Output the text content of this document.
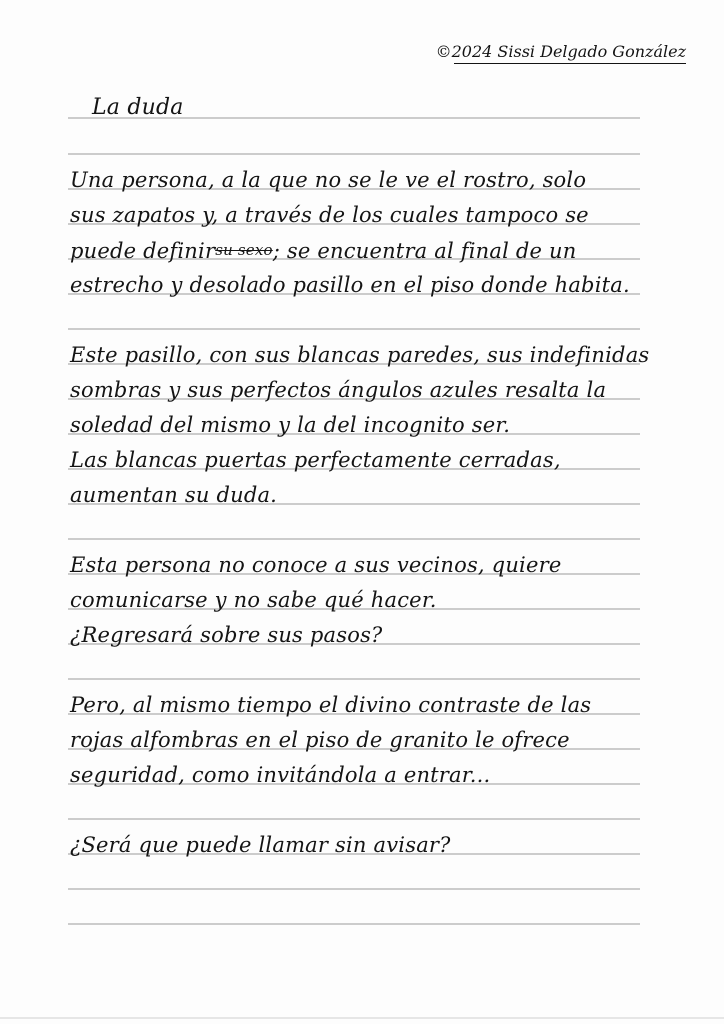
©2024 Sissi Delgado González
La duda
Una persona, a la que no se le ve el rostro, solo
sus zapatos y, a través de los cuales tampoco se
puede definirsu sexo; se encuentra al final de un
estrecho y desolado pasillo en el piso donde habita.
Este pasillo, con sus blancas paredes, sus indefinidas
sombras y sus perfectos ángulos azules resalta la
soledad del mismo y la del incognito ser.
Las blancas puertas perfectamente cerradas,
aumentan su duda.
Esta persona no conoce a sus vecinos, quiere
comunicarse y no sabe qué hacer.
¿Regresará sobre sus pasos?
Pero, al mismo tiempo el divino contraste de las
rojas alfombras en el piso de granito le ofrece
seguridad, como invitándola a entrar...
¿Será que puede llamar sin avisar?
